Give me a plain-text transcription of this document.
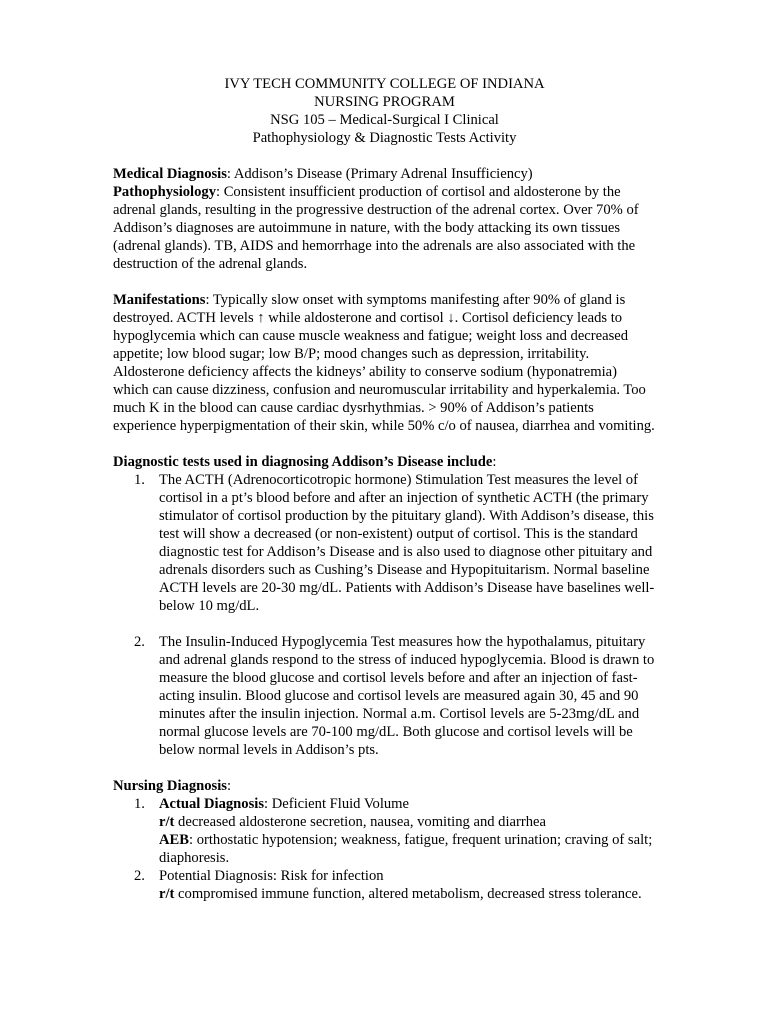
IVY TECH COMMUNITY COLLEGE OF INDIANA
NURSING PROGRAM
NSG 105 – Medical-Surgical I Clinical
Pathophysiology & Diagnostic Tests Activity

Medical Diagnosis: Addison’s Disease (Primary Adrenal Insufficiency)

Pathophysiology: Consistent insufficient production of cortisol and aldosterone by the adrenal glands, resulting in the progressive destruction of the adrenal cortex. Over 70% of Addison’s diagnoses are autoimmune in nature, with the body attacking its own tissues (adrenal glands). TB, AIDS and hemorrhage into the adrenals are also associated with the destruction of the adrenal glands.

Manifestations: Typically slow onset with symptoms manifesting after 90% of gland is destroyed. ACTH levels ↑ while aldosterone and cortisol ↓. Cortisol deficiency leads to hypoglycemia which can cause muscle weakness and fatigue; weight loss and decreased appetite; low blood sugar; low B/P; mood changes such as depression, irritability. Aldosterone deficiency affects the kidneys’ ability to conserve sodium (hyponatremia) which can cause dizziness, confusion and neuromuscular irritability and hyperkalemia. Too much K in the blood can cause cardiac dysrhythmias. > 90% of Addison’s patients experience hyperpigmentation of their skin, while 50% c/o of nausea, diarrhea and vomiting.

Diagnostic tests used in diagnosing Addison’s Disease include:

1. The ACTH (Adrenocorticotropic hormone) Stimulation Test measures the level of cortisol in a pt’s blood before and after an injection of synthetic ACTH (the primary stimulator of cortisol production by the pituitary gland). With Addison’s disease, this test will show a decreased (or non-existent) output of cortisol. This is the standard diagnostic test for Addison’s Disease and is also used to diagnose other pituitary and adrenals disorders such as Cushing’s Disease and Hypopituitarism. Normal baseline ACTH levels are 20-30 mg/dL. Patients with Addison’s Disease have baselines well-below 10 mg/dL.
2. The Insulin-Induced Hypoglycemia Test measures how the hypothalamus, pituitary and adrenal glands respond to the stress of induced hypoglycemia. Blood is drawn to measure the blood glucose and cortisol levels before and after an injection of fast-acting insulin. Blood glucose and cortisol levels are measured again 30, 45 and 90 minutes after the insulin injection. Normal a.m. Cortisol levels are 5-23mg/dL and normal glucose levels are 70-100 mg/dL. Both glucose and cortisol levels will be below normal levels in Addison’s pts.

Nursing Diagnosis:

1. Actual Diagnosis: Deficient Fluid Volume
r/t decreased aldosterone secretion, nausea, vomiting and diarrhea
AEB: orthostatic hypotension; weakness, fatigue, frequent urination; craving of salt; diaphoresis.
2. Potential Diagnosis: Risk for infection
r/t compromised immune function, altered metabolism, decreased stress tolerance.
